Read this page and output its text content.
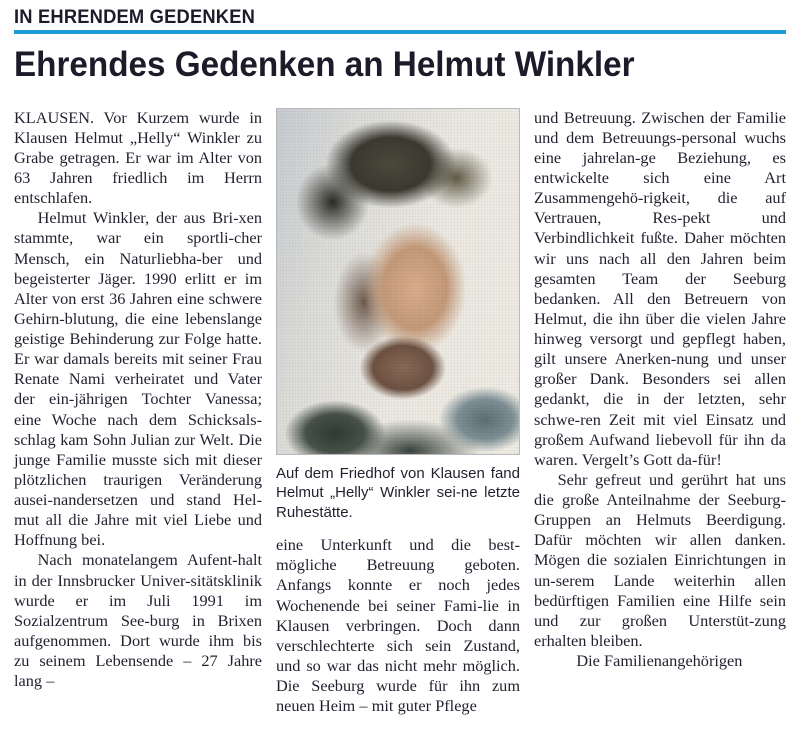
IN EHRENDEM GEDENKEN
Ehrendes Gedenken an Helmut Winkler

KLAUSEN. Vor Kurzem wurde in Klausen Helmut „Helly“ Winkler zu Grabe getragen. Er war im Alter von 63 Jahren friedlich im Herrn entschlafen.

Helmut Winkler, der aus Bri-xen stammte, war ein sportli-cher Mensch, ein Naturliebha-ber und begeisterter Jäger. 1990 erlitt er im Alter von erst 36 Jahren eine schwere Gehirn-blutung, die eine lebenslange geistige Behinderung zur Folge hatte. Er war damals bereits mit seiner Frau Renate Nami verheiratet und Vater der ein-jährigen Tochter Vanessa; eine Woche nach dem Schicksals-schlag kam Sohn Julian zur Welt. Die junge Familie musste sich mit dieser plötzlichen traurigen Veränderung ausei-nandersetzen und stand Hel-mut all die Jahre mit viel Liebe und Hoffnung bei.

Nach monatelangem Aufent-halt in der Innsbrucker Univer-sitätsklinik wurde er im Juli 1991 im Sozialzentrum See-burg in Brixen aufgenommen. Dort wurde ihm bis zu seinem Lebensende – 27 Jahre lang –

Auf dem Friedhof von Klausen fand Helmut „Helly“ Winkler sei-ne letzte Ruhestätte.

eine Unterkunft und die best-mögliche Betreuung geboten. Anfangs konnte er noch jedes Wochenende bei seiner Fami-lie in Klausen verbringen. Doch dann verschlechterte sich sein Zustand, und so war das nicht mehr möglich. Die Seeburg wurde für ihn zum neuen Heim – mit guter Pflege

und Betreuung. Zwischen der Familie und dem Betreuungs-personal wuchs eine jahrelan-ge Beziehung, es entwickelte sich eine Art Zusammengehö-rigkeit, die auf Vertrauen, Res-pekt und Verbindlichkeit fußte. Daher möchten wir uns nach all den Jahren beim gesamten Team der Seeburg bedanken. All den Betreuern von Helmut, die ihn über die vielen Jahre hinweg versorgt und gepflegt haben, gilt unsere Anerken-nung und unser großer Dank. Besonders sei allen gedankt, die in der letzten, sehr schwe-ren Zeit mit viel Einsatz und großem Aufwand liebevoll für ihn da waren. Vergelt’s Gott da-für!

Sehr gefreut und gerührt hat uns die große Anteilnahme der Seeburg-Gruppen an Helmuts Beerdigung. Dafür möchten wir allen danken. Mögen die sozialen Einrichtungen in un-serem Lande weiterhin allen bedürftigen Familien eine Hilfe sein und zur großen Unterstüt-zung erhalten bleiben.

Die Familienangehörigen
